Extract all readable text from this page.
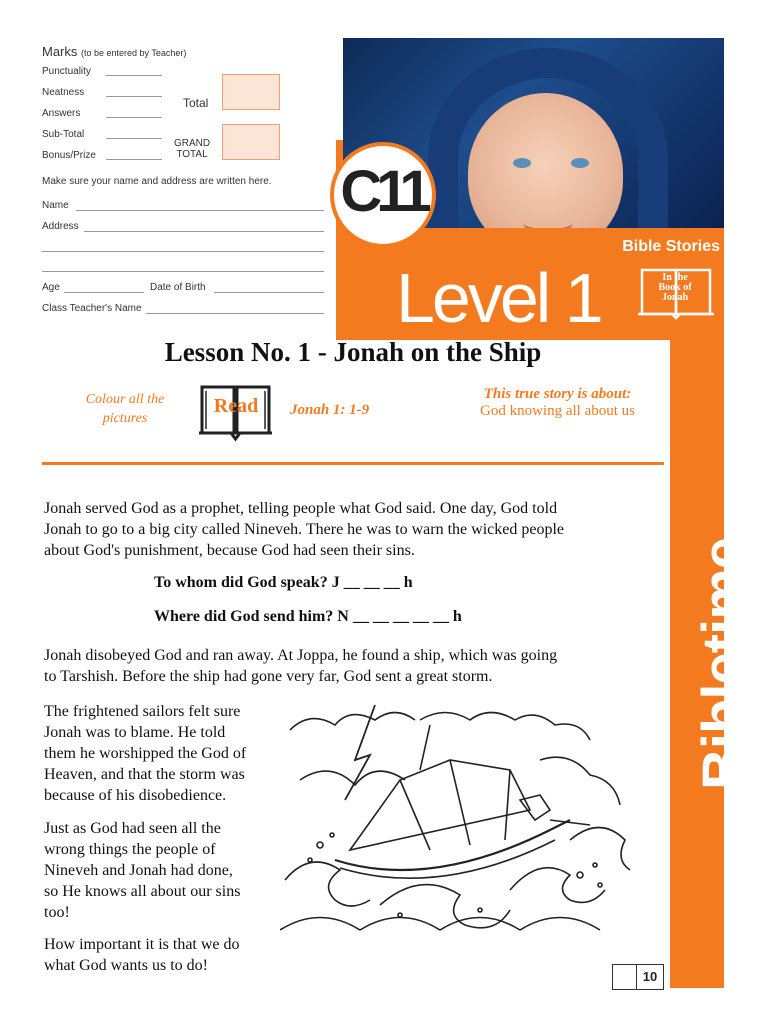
Marks (to be entered by Teacher)
Punctuality
Neatness
Answers
Sub-Total
Bonus/Prize
Total
GRAND
TOTAL
Make sure your name and address are written here.
Name
Address
Age	Date of Birth
Class Teacher's Name
C11
Bible Stories
Level 1	In the
Book of
Jonah
Lesson No. 1 - Jonah on the Ship
Colour all the
pictures
Read	Jonah 1: 1-9
This true story is about:
God knowing all about us
Jonah served God as a prophet, telling people what God said. One day, God told
Jonah to go to a big city called Nineveh. There he was to warn the wicked people
about God's punishment, because God had seen their sins.
To whom did God speak? J __ __ __ h
Where did God send him? N __ __ __ __ __ h
Jonah disobeyed God and ran away. At Joppa, he found a ship, which was going
to Tarshish. Before the ship had gone very far, God sent a great storm.
The frightened sailors felt sure
Jonah was to blame. He told
them he worshipped the God of
Heaven, and that the storm was
because of his disobedience.
Just as God had seen all the
wrong things the people of
Nineveh and Jonah had done,
so He knows all about our sins
too!
How important it is that we do
what God wants us to do!
Bibletime
10
